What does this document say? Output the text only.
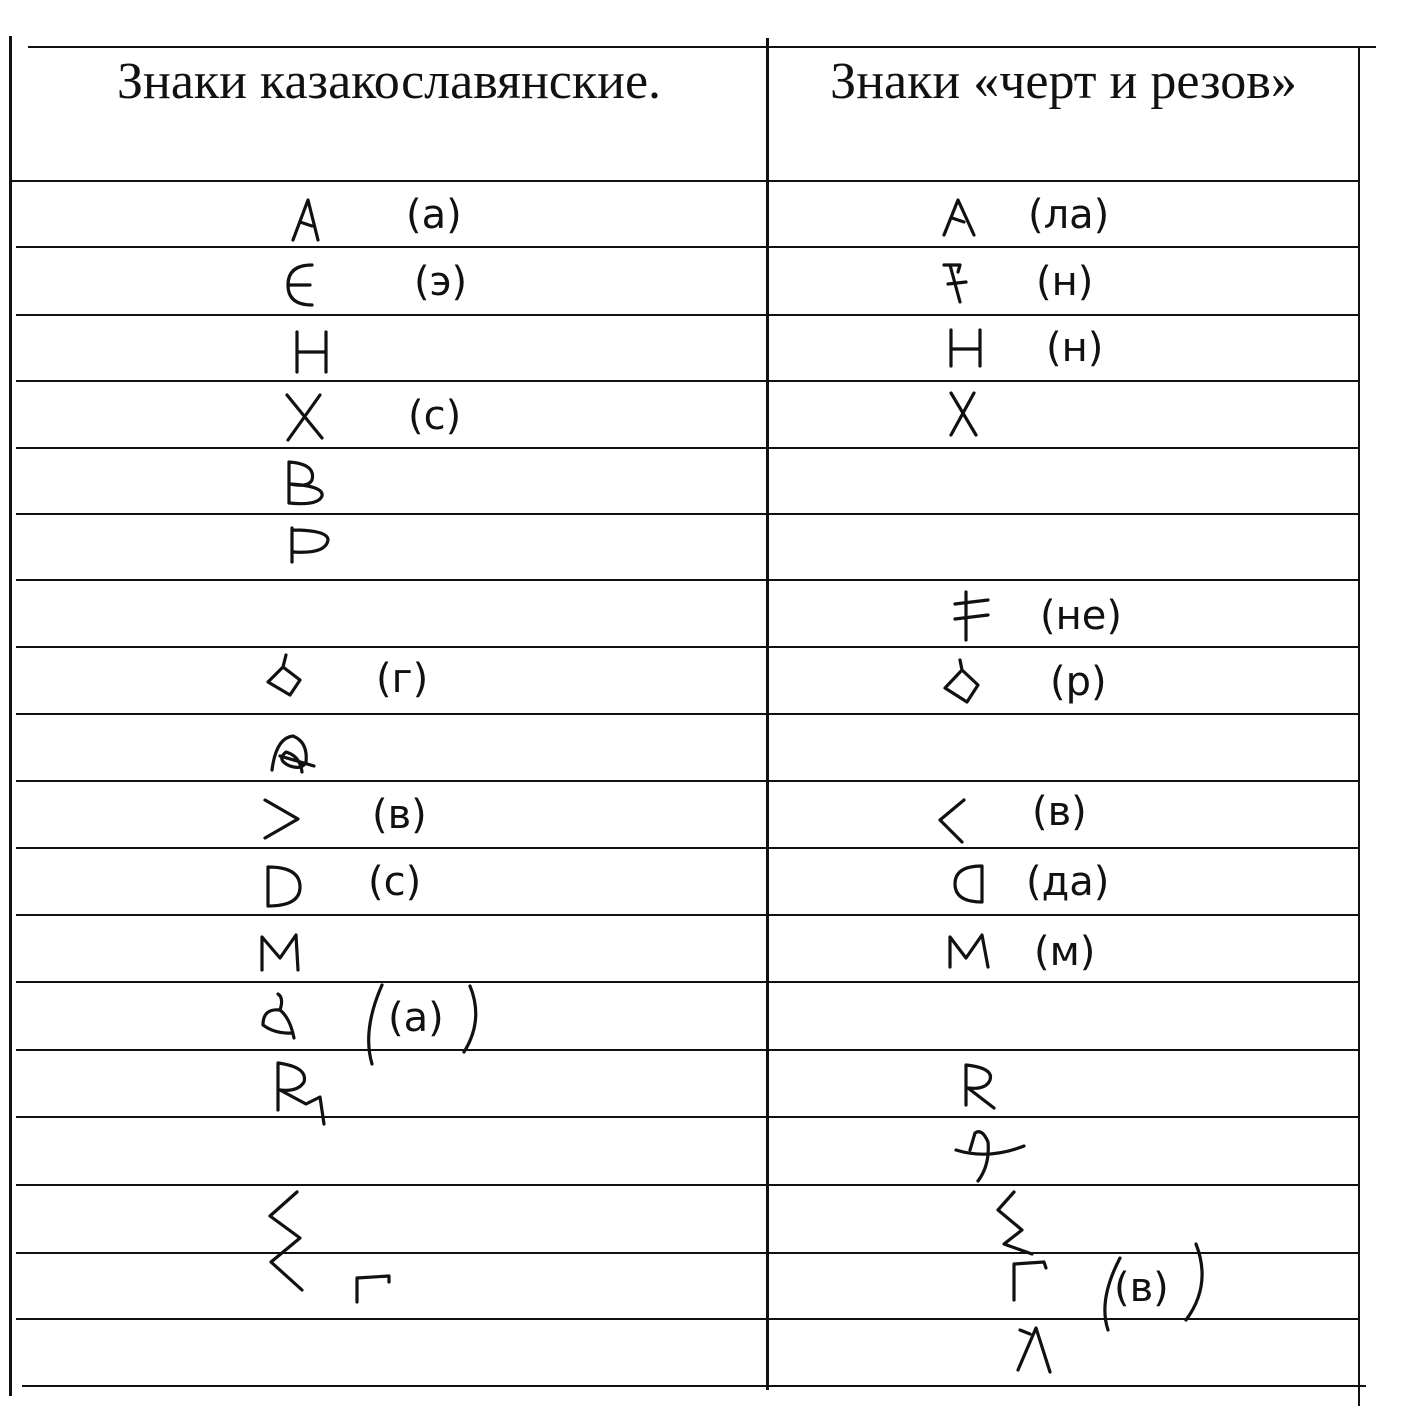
Знаки казакославянские.	Знаки «черт и резов»
(а)
(э)
(с)
(г)
(в)
(с)
(а)
(ла)
(н)
(н)
(не)
(р)
(в)
(да)
(м)
(в)
